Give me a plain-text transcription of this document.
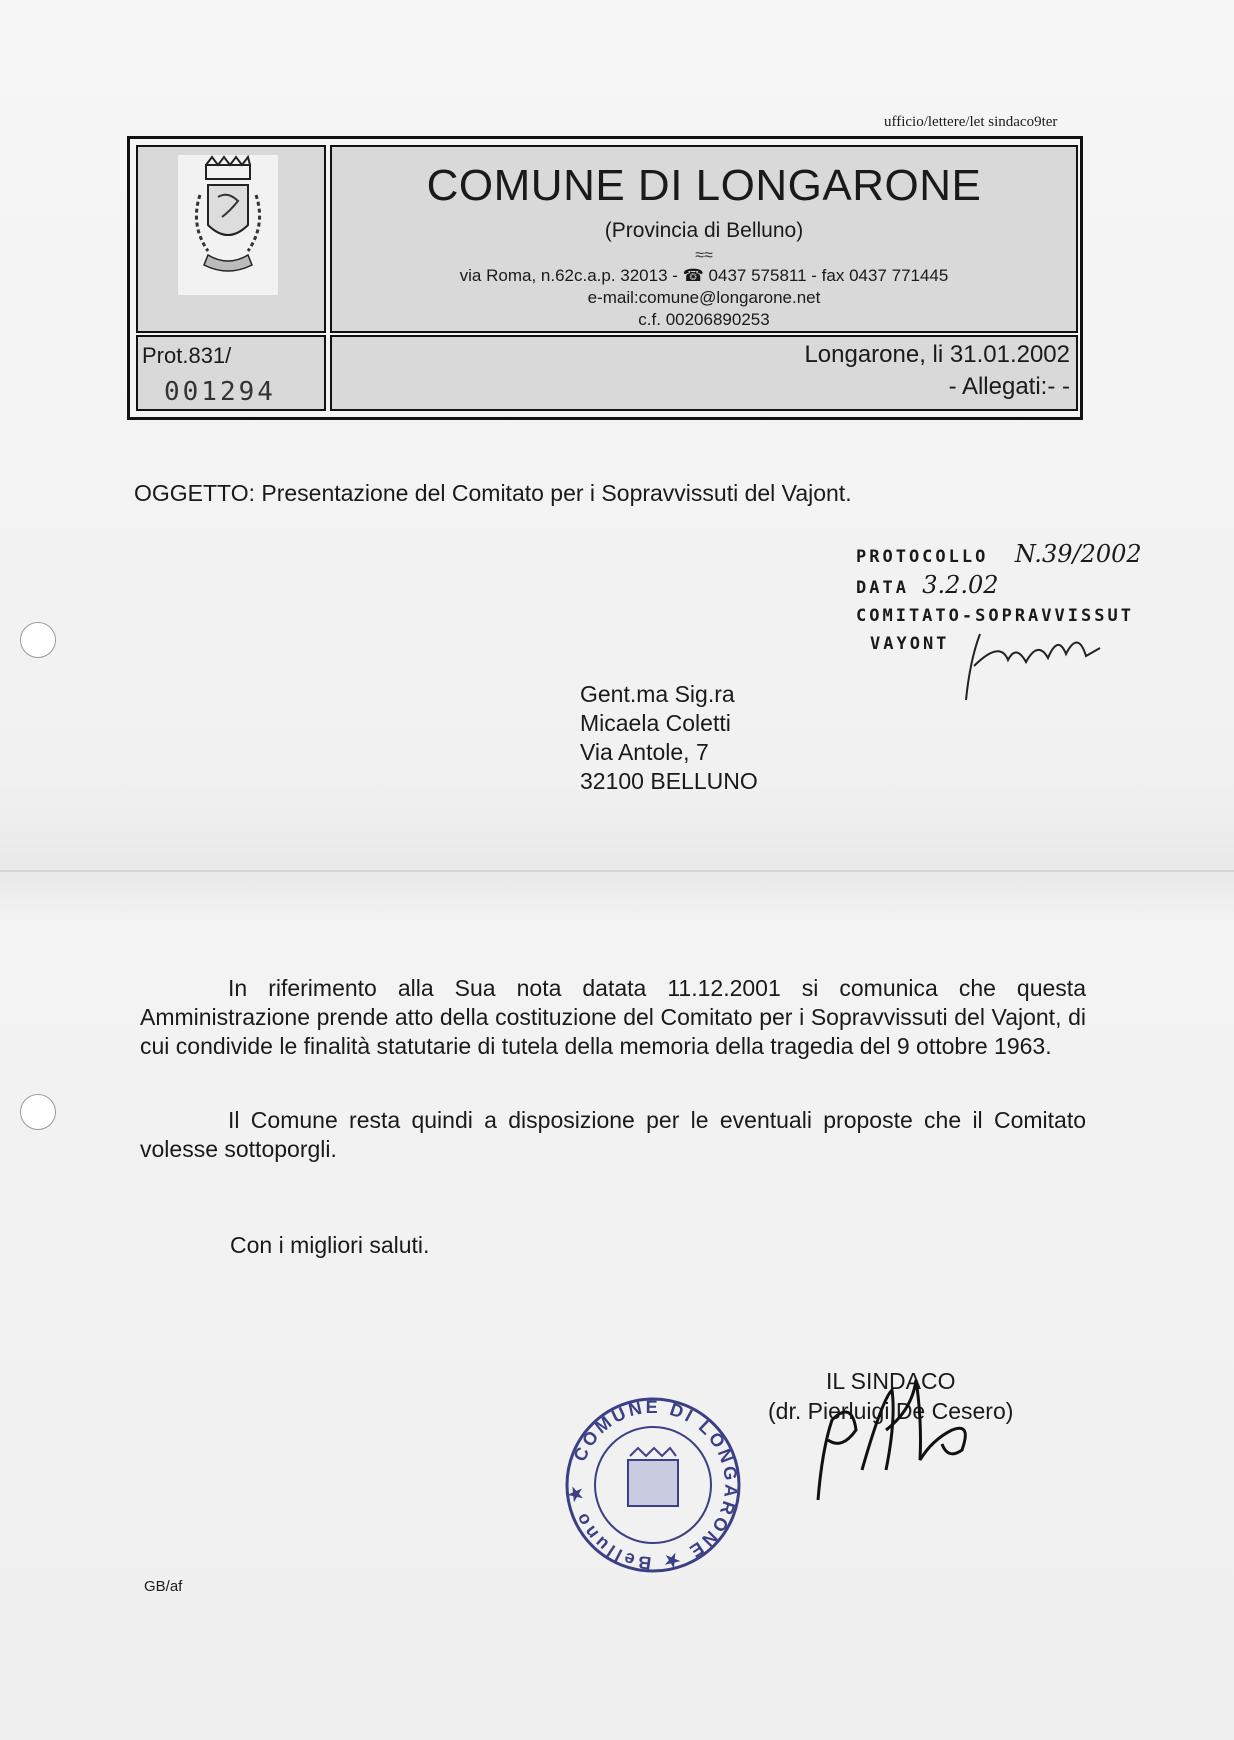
ufficio/lettere/let sindaco9ter
COMUNE DI LONGARONE
(Provincia di Belluno)
≈≈
via Roma, n.62c.a.p. 32013 - ☎ 0437 575811 - fax 0437 771445
e-mail:comune@longarone.net
c.f. 00206890253
Prot.831/
001294
Longarone, li 31.01.2002
- Allegati:- -
OGGETTO: Presentazione del Comitato per i Sopravvissuti del Vajont.
PROTOCOLLO N.39/2002
DATA 3.2.02
COMITATO-SOPRAVVISSUT
VAYONT
Gent.ma Sig.ra
Micaela Coletti
Via Antole, 7
32100 BELLUNO
In riferimento alla Sua nota datata 11.12.2001 si comunica che questa Amministrazione prende atto della costituzione del Comitato per i Sopravvissuti del Vajont, di cui condivide le finalità statutarie di tutela della memoria della tragedia del 9 ottobre 1963.
Il Comune resta quindi a disposizione per le eventuali proposte che il Comitato volesse sottoporgli.
Con i migliori saluti.
IL SINDACO
(dr. Pierluigi De Cesero)
COMUNE DI LONGARONE ★ Belluno ★
GB/af
